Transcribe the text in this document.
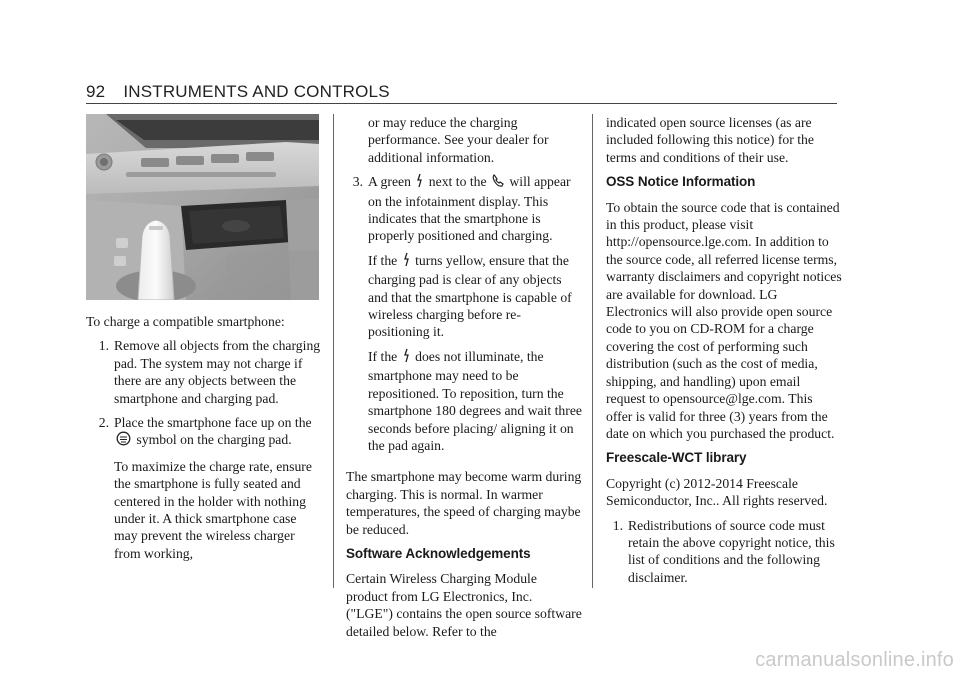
92 INSTRUMENTS AND CONTROLS

To charge a compatible smartphone:

1. Remove all objects from the charging pad. The system may not charge if there are any objects between the smartphone and charging pad.
2. Place the smartphone face up on the  symbol on the charging pad.

To maximize the charge rate, ensure the smartphone is fully seated and centered in the holder with nothing under it. A thick smartphone case may prevent the wireless charger from working,

or may reduce the charging performance. See your dealer for additional information.

3. A green next to the will appear on the infotainment display. This indicates that the smartphone is properly positioned and charging.

If the turns yellow, ensure that the charging pad is clear of any objects and that the smartphone is capable of wireless charging before re-positioning it.

If the does not illuminate, the smartphone may need to be repositioned. To reposition, turn the smartphone 180 degrees and wait three seconds before placing/ aligning it on the pad again.

The smartphone may become warm during charging. This is normal. In warmer temperatures, the speed of charging maybe be reduced.

Software Acknowledgements

Certain Wireless Charging Module product from LG Electronics, Inc. ("LGE") contains the open source software detailed below. Refer to the

indicated open source licenses (as are included following this notice) for the terms and conditions of their use.

OSS Notice Information

To obtain the source code that is contained in this product, please visit http://opensource.lge.com. In addition to the source code, all referred license terms, warranty disclaimers and copyright notices are available for download. LG Electronics will also provide open source code to you on CD-ROM for a charge covering the cost of performing such distribution (such as the cost of media, shipping, and handling) upon email request to opensource@lge.com. This offer is valid for three (3) years from the date on which you purchased the product.

Freescale-WCT library

Copyright (c) 2012-2014 Freescale Semiconductor, Inc.. All rights reserved.

1. Redistributions of source code must retain the above copyright notice, this list of conditions and the following disclaimer.
carmanualsonline.info
